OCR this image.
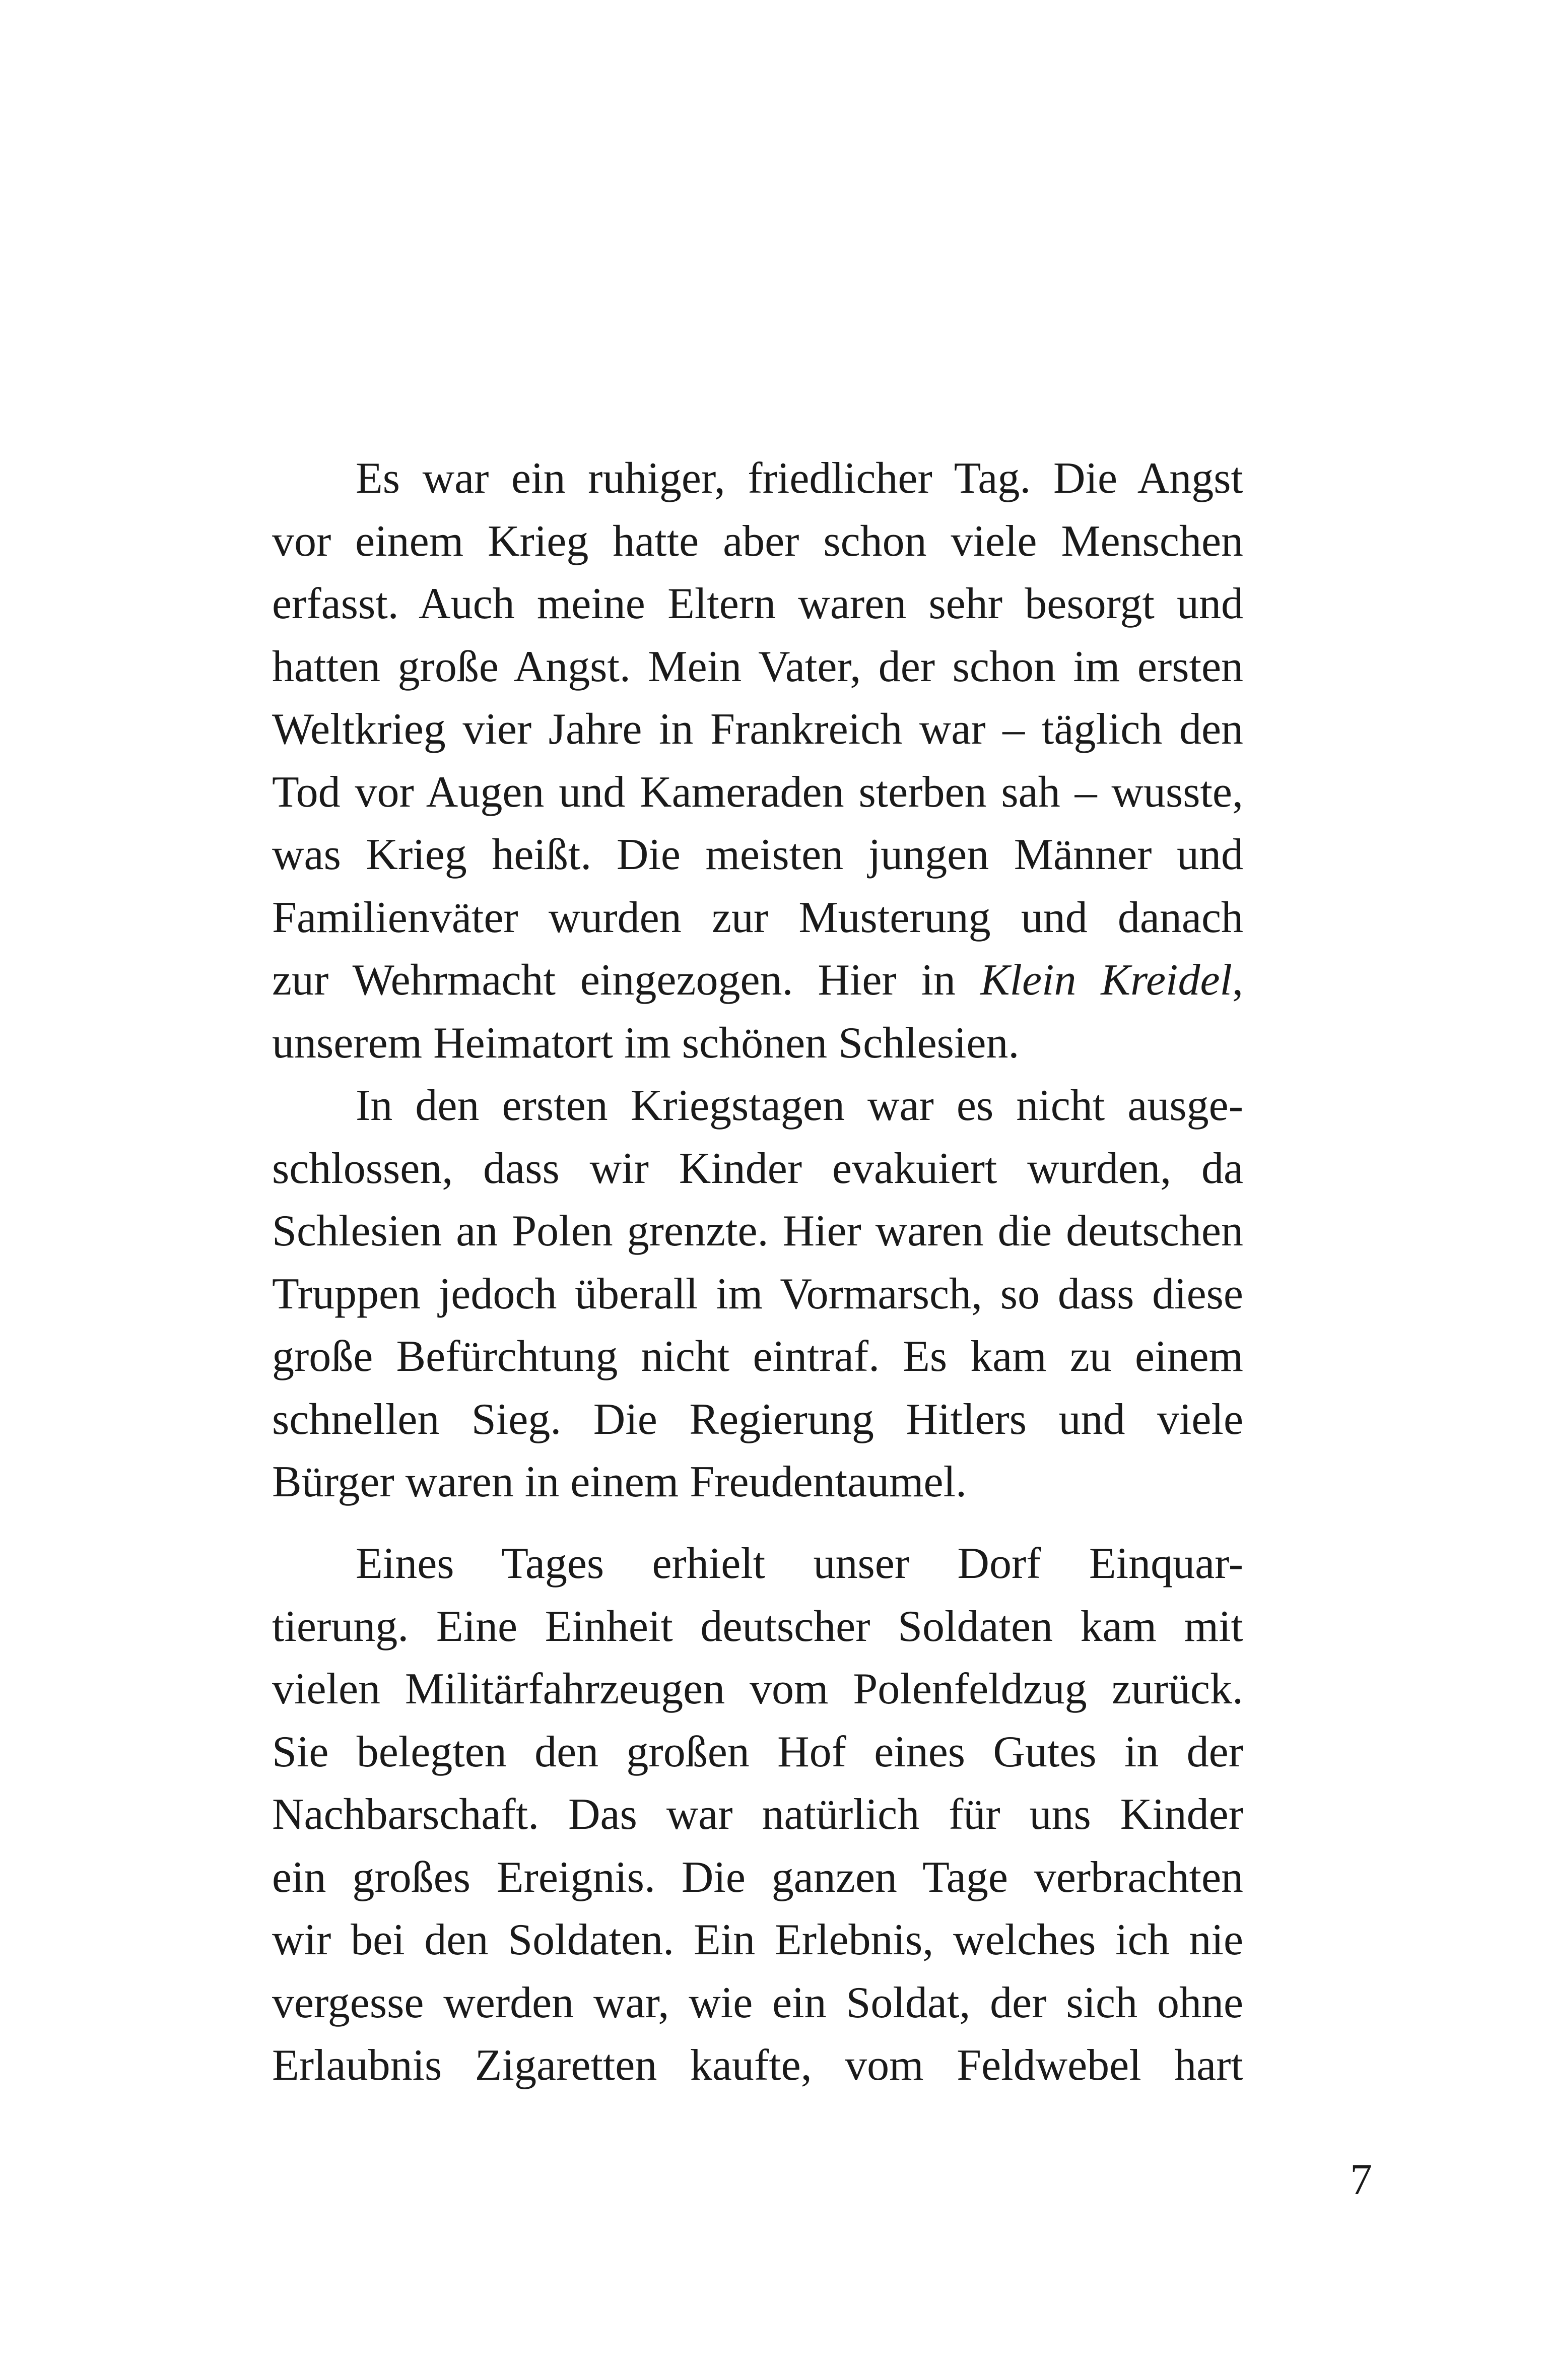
Es war ein ruhiger, friedlicher Tag. Die Angst
vor einem Krieg hatte aber schon viele Menschen
erfasst. Auch meine Eltern waren sehr besorgt und
hatten große Angst. Mein Vater, der schon im ersten
Weltkrieg vier Jahre in Frankreich war – täglich den
Tod vor Augen und Kameraden sterben sah – wusste,
was Krieg heißt. Die meisten jungen Männer und
Familienväter wurden zur Musterung und danach
zur Wehrmacht eingezogen. Hier in Klein Kreidel,
unserem Heimatort im schönen Schlesien.
In den ersten Kriegstagen war es nicht ausge-
schlossen, dass wir Kinder evakuiert wurden, da
Schlesien an Polen grenzte. Hier waren die deutschen
Truppen jedoch überall im Vormarsch, so dass diese
große Befürchtung nicht eintraf. Es kam zu einem
schnellen Sieg. Die Regierung Hitlers und viele
Bürger waren in einem Freudentaumel.
Eines Tages erhielt unser Dorf Einquar-
tierung. Eine Einheit deutscher Soldaten kam mit
vielen Militärfahrzeugen vom Polenfeldzug zurück.
Sie belegten den großen Hof eines Gutes in der
Nachbarschaft. Das war natürlich für uns Kinder
ein großes Ereignis. Die ganzen Tage verbrachten
wir bei den Soldaten. Ein Erlebnis, welches ich nie
vergesse werden war, wie ein Soldat, der sich ohne
Erlaubnis Zigaretten kaufte, vom Feldwebel hart
7
